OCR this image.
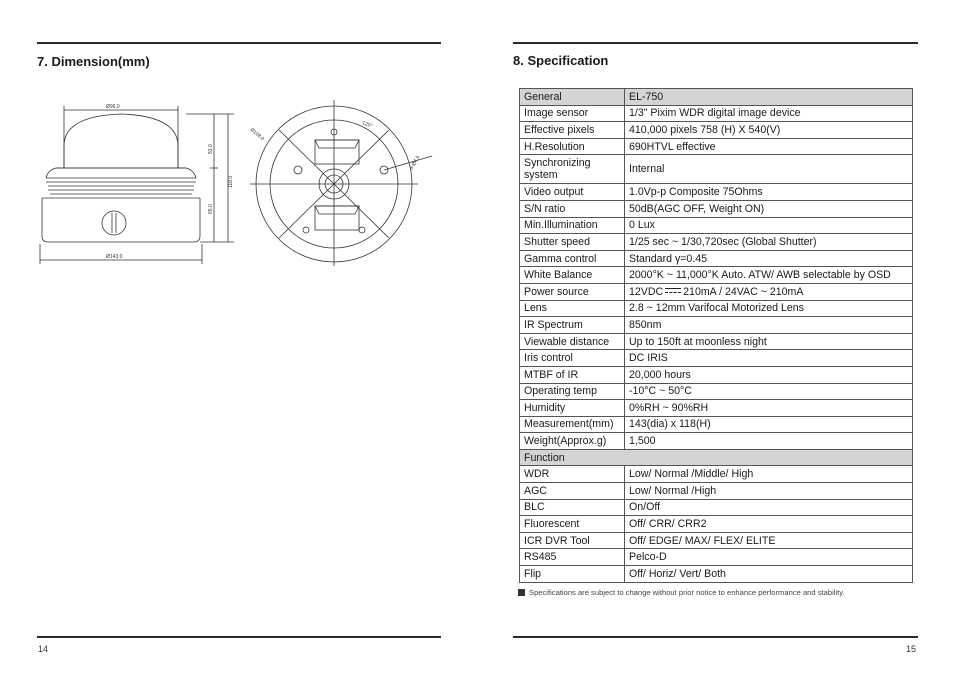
7. Dimension(mm)	8. Specification
14	15
Ø96.0
Ø143.0
53.0
118.0
65.0
Ø108.0
120°
3-Ø4.5
General	EL-750
Image sensor	1/3" Pixim WDR digital image device
Effective pixels	410,000 pixels 758 (H) X 540(V)
H.Resolution	690HTVL effective
Synchronizing system	Internal
Video output	1.0Vp-p Composite 75Ohms
S/N ratio	50dB(AGC OFF, Weight ON)
Min.Illumination	0 Lux
Shutter speed	1/25 sec ~ 1/30,720sec (Global Shutter)
Gamma control	Standard γ=0.45
White Balance	2000°K ~ 11,000°K Auto. ATW/ AWB selectable by OSD
Power source	12VDC 210mA / 24VAC ~ 210mA
Lens	2.8 ~ 12mm Varifocal Motorized Lens
IR Spectrum	850nm
Viewable distance	Up to 150ft at moonless night
Iris control	DC IRIS
MTBF of IR	20,000 hours
Operating temp	-10°C ~ 50°C
Humidity	0%RH ~ 90%RH
Measurement(mm)	143(dia) x 118(H)
Weight(Approx.g)	1,500
Function	
WDR	Low/ Normal /Middle/ High
AGC	Low/ Normal /High
BLC	On/Off
Fluorescent	Off/ CRR/ CRR2
ICR DVR Tool	Off/ EDGE/ MAX/ FLEX/ ELITE
RS485	Pelco-D
Flip	Off/ Horiz/ Vert/ Both
Specifications are subject to change without prior notice to enhance performance and stability.
